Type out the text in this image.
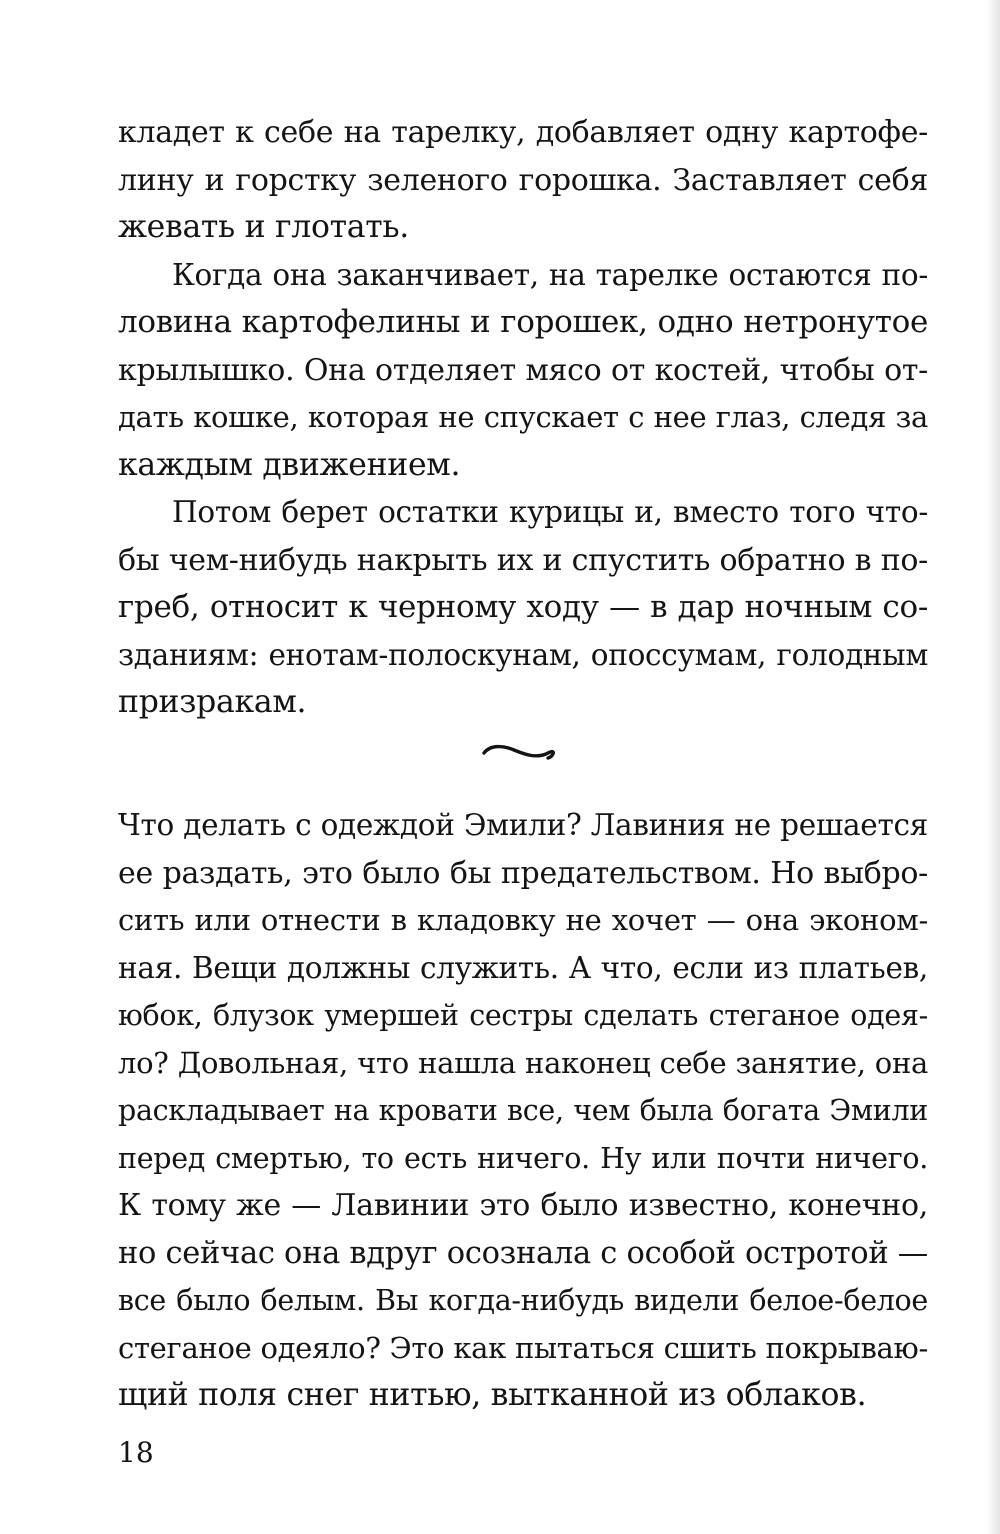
кладет к себе на тарелку, добавляет одну картофе-
лину и горстку зеленого горошка. Заставляет себя
жевать и глотать.
Когда она заканчивает, на тарелке остаются по-
ловина картофелины и горошек, одно нетронутое
крылышко. Она отделяет мясо от костей, чтобы от-
дать кошке, которая не спускает с нее глаз, следя за
каждым движением.
Потом берет остатки курицы и, вместо того что-
бы чем-нибудь накрыть их и спустить обратно в по-
греб, относит к черному ходу — в дар ночным со-
зданиям: енотам-полоскунам, опоссумам, голодным
призракам.
Что делать с одеждой Эмили? Лавиния не решается
ее раздать, это было бы предательством. Но выбро-
сить или отнести в кладовку не хочет — она эконом-
ная. Вещи должны служить. А что, если из платьев,
юбок, блузок умершей сестры сделать стеганое одея-
ло? Довольная, что нашла наконец себе занятие, она
раскладывает на кровати все, чем была богата Эмили
перед смертью, то есть ничего. Ну или почти ничего.
К тому же — Лавинии это было известно, конечно,
но сейчас она вдруг осознала с особой остротой —
все было белым. Вы когда-нибудь видели белое-белое
стеганое одеяло? Это как пытаться сшить покрываю-
щий поля снег нитью, вытканной из облаков.
18
